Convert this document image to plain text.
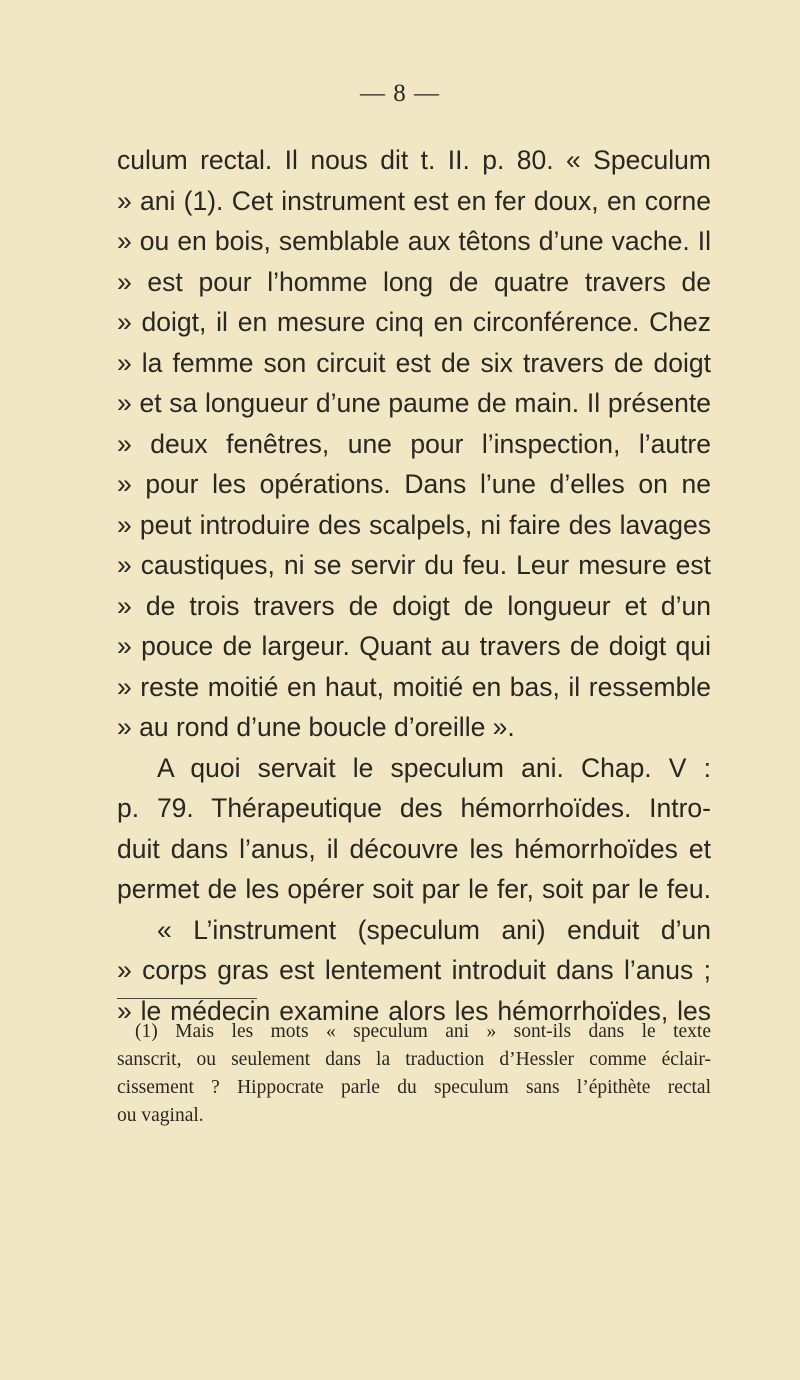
— 8 —
culum rectal. Il nous dit t. II. p. 80. « Speculum
» ani (1). Cet instrument est en fer doux, en corne
» ou en bois, semblable aux têtons d’une vache. Il
» est pour l’homme long de quatre travers de
» doigt, il en mesure cinq en circonférence. Chez
» la femme son circuit est de six travers de doigt
» et sa longueur d’une paume de main. Il présente
» deux fenêtres, une pour l’inspection, l’autre
» pour les opérations. Dans l’une d’elles on ne
» peut introduire des scalpels, ni faire des lavages
» caustiques, ni se servir du feu. Leur mesure est
» de trois travers de doigt de longueur et d’un
» pouce de largeur. Quant au travers de doigt qui
» reste moitié en haut, moitié en bas, il ressemble
» au rond d’une boucle d’oreille ».
A quoi servait le speculum ani. Chap. V :
p. 79. Thérapeutique des hémorrhoïdes. Intro-
duit dans l’anus, il découvre les hémorrhoïdes et
permet de les opérer soit par le fer, soit par le feu.
« L’instrument (speculum ani) enduit d’un
» corps gras est lentement introduit dans l’anus ;
» le médecin examine alors les hémorrhoïdes, les
(1) Mais les mots « speculum ani » sont-ils dans le texte
sanscrit, ou seulement dans la traduction d’Hessler comme éclair-
cissement ? Hippocrate parle du speculum sans l’épithète rectal
ou vaginal.
